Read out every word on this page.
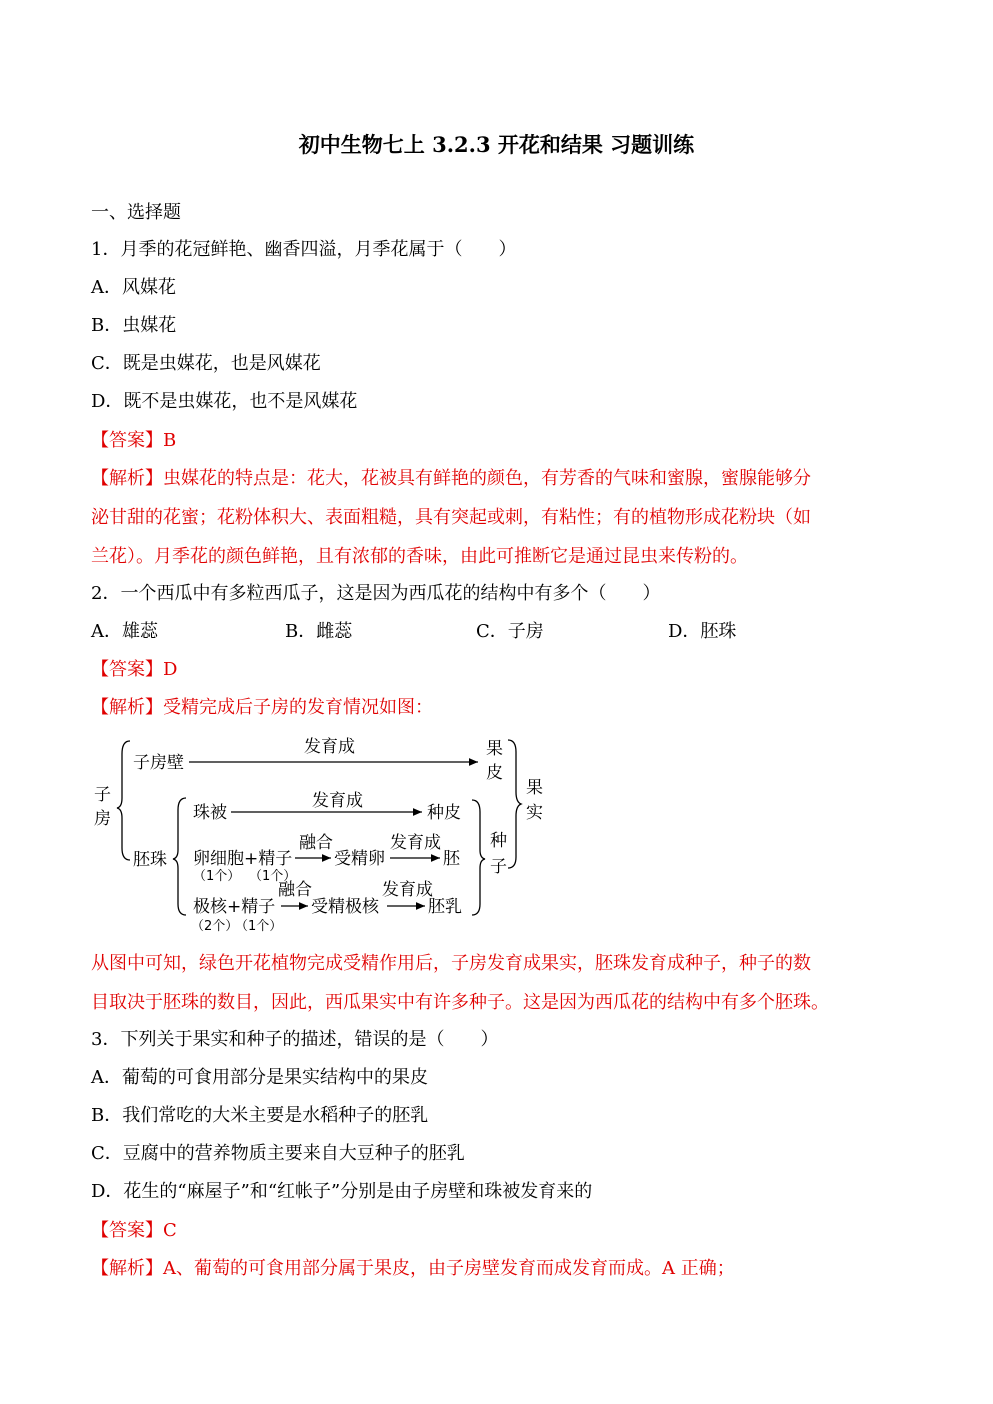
初中生物七上 3.2.3 开花和结果 习题训练
一、选择题
1．月季的花冠鲜艳、幽香四溢，月季花属于（　　）
A．风媒花
B．虫媒花
C．既是虫媒花，也是风媒花
D．既不是虫媒花，也不是风媒花
【答案】B
【解析】虫媒花的特点是：花大，花被具有鲜艳的颜色，有芳香的气味和蜜腺，蜜腺能够分
泌甘甜的花蜜；花粉体积大、表面粗糙，具有突起或刺，有粘性；有的植物形成花粉块（如
兰花）。月季花的颜色鲜艳，且有浓郁的香味，由此可推断它是通过昆虫来传粉的。
2．一个西瓜中有多粒西瓜子，这是因为西瓜花的结构中有多个（　　）
A．雄蕊	B．雌蕊	C．子房	D．胚珠
【答案】D
【解析】受精完成后子房的发育情况如图：
子
房
子房壁
发育成	果
皮
胚珠
珠被
发育成
种皮
卵细胞+精子
（1个） （1个）
融合
受精卵
发育成
胚
极核+精子
（2个）
（1个）
融合
受精极核
发育成
胚乳
种
子
果
实
从图中可知，绿色开花植物完成受精作用后，子房发育成果实，胚珠发育成种子，种子的数
目取决于胚珠的数目，因此，西瓜果实中有许多种子。这是因为西瓜花的结构中有多个胚珠。
3．下列关于果实和种子的描述，错误的是（　　）
A．葡萄的可食用部分是果实结构中的果皮
B．我们常吃的大米主要是水稻种子的胚乳
C．豆腐中的营养物质主要来自大豆种子的胚乳
D．花生的“麻屋子”和“红帐子”分别是由子房壁和珠被发育来的
【答案】C
【解析】A、葡萄的可食用部分属于果皮，由子房壁发育而成发育而成。A 正确；
